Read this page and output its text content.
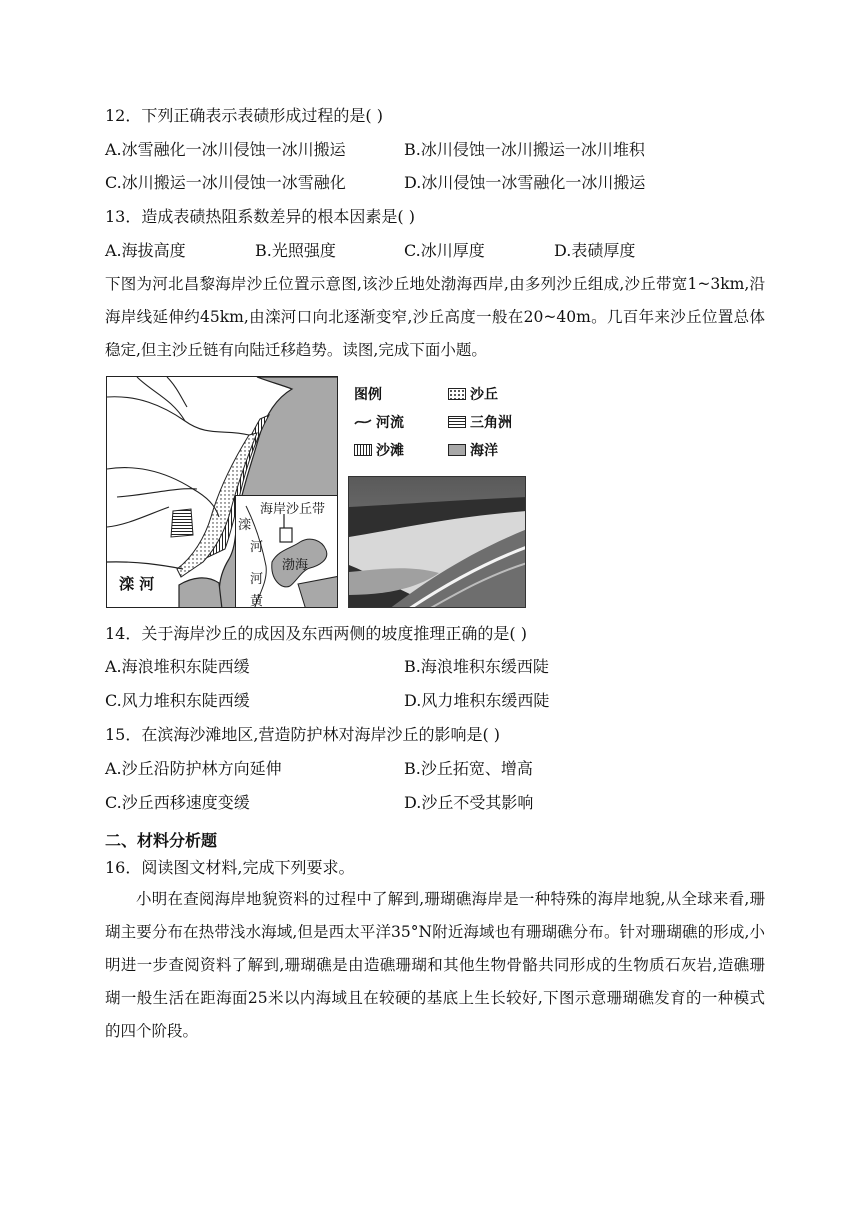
12．下列正确表示表碛形成过程的是( )
A.冰雪融化一冰川侵蚀一冰川搬运	B.冰川侵蚀一冰川搬运一冰川堆积
C.冰川搬运一冰川侵蚀一冰雪融化	D.冰川侵蚀一冰雪融化一冰川搬运
13．造成表碛热阻系数差异的根本因素是( )
A.海拔高度	B.光照强度	C.冰川厚度	D.表碛厚度
下图为河北昌黎海岸沙丘位置示意图,该沙丘地处渤海西岸,由多列沙丘组成,沙丘带宽1~3km,沿海岸线延伸约45km,由滦河口向北逐渐变窄,沙丘高度一般在20~40m。几百年来沙丘位置总体稳定,但主沙丘链有向陆迁移趋势。读图,完成下面小题。
滦 河
海岸沙丘带
滦
河
渤海
河
黄
图例	沙丘
河流	三角洲
沙滩	海洋
14．关于海岸沙丘的成因及东西两侧的坡度推理正确的是( )
A.海浪堆积东陡西缓	B.海浪堆积东缓西陡
C.风力堆积东陡西缓	D.风力堆积东缓西陡
15．在滨海沙滩地区,营造防护林对海岸沙丘的影响是( )
A.沙丘沿防护林方向延伸	B.沙丘拓宽、增高
C.沙丘西移速度变缓	D.沙丘不受其影响
二、材料分析题
16．阅读图文材料,完成下列要求。
小明在查阅海岸地貌资料的过程中了解到,珊瑚礁海岸是一种特殊的海岸地貌,从全球来看,珊瑚主要分布在热带浅水海域,但是西太平洋35°N附近海域也有珊瑚礁分布。针对珊瑚礁的形成,小明进一步查阅资料了解到,珊瑚礁是由造礁珊瑚和其他生物骨骼共同形成的生物质石灰岩,造礁珊瑚一般生活在距海面25米以内海域且在较硬的基底上生长较好,下图示意珊瑚礁发育的一种模式的四个阶段。
